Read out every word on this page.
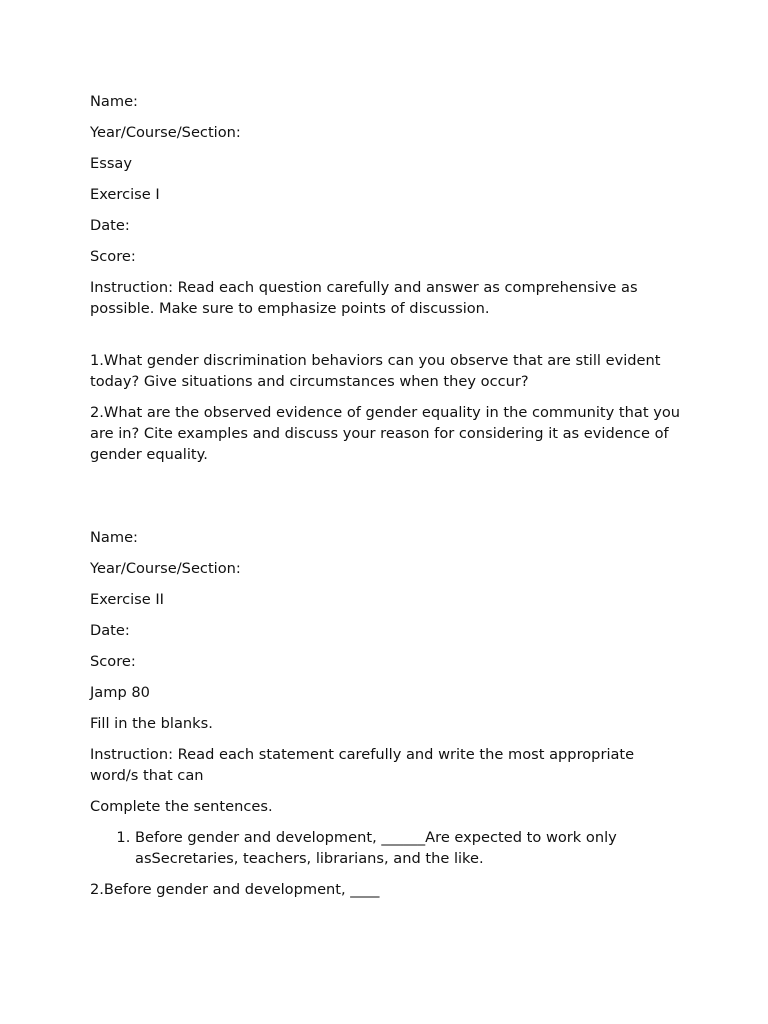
Name:

Year/Course/Section:

Essay

Exercise I

Date:

Score:

Instruction: Read each question carefully and answer as comprehensive as possible. Make sure to emphasize points of discussion.

1.What gender discrimination behaviors can you observe that are still evident today? Give situations and circumstances when they occur?

2.What are the observed evidence of gender equality in the community that you are in? Cite examples and discuss your reason for considering it as evidence of gender equality.

Name:

Year/Course/Section:

Exercise II

Date:

Score:

Jamp 80

Fill in the blanks.

Instruction: Read each statement carefully and write the most appropriate word/s that can

Complete the sentences.

1. Before gender and development, ______Are expected to work only asSecretaries, teachers, librarians, and the like.

2.Before gender and development, ____
